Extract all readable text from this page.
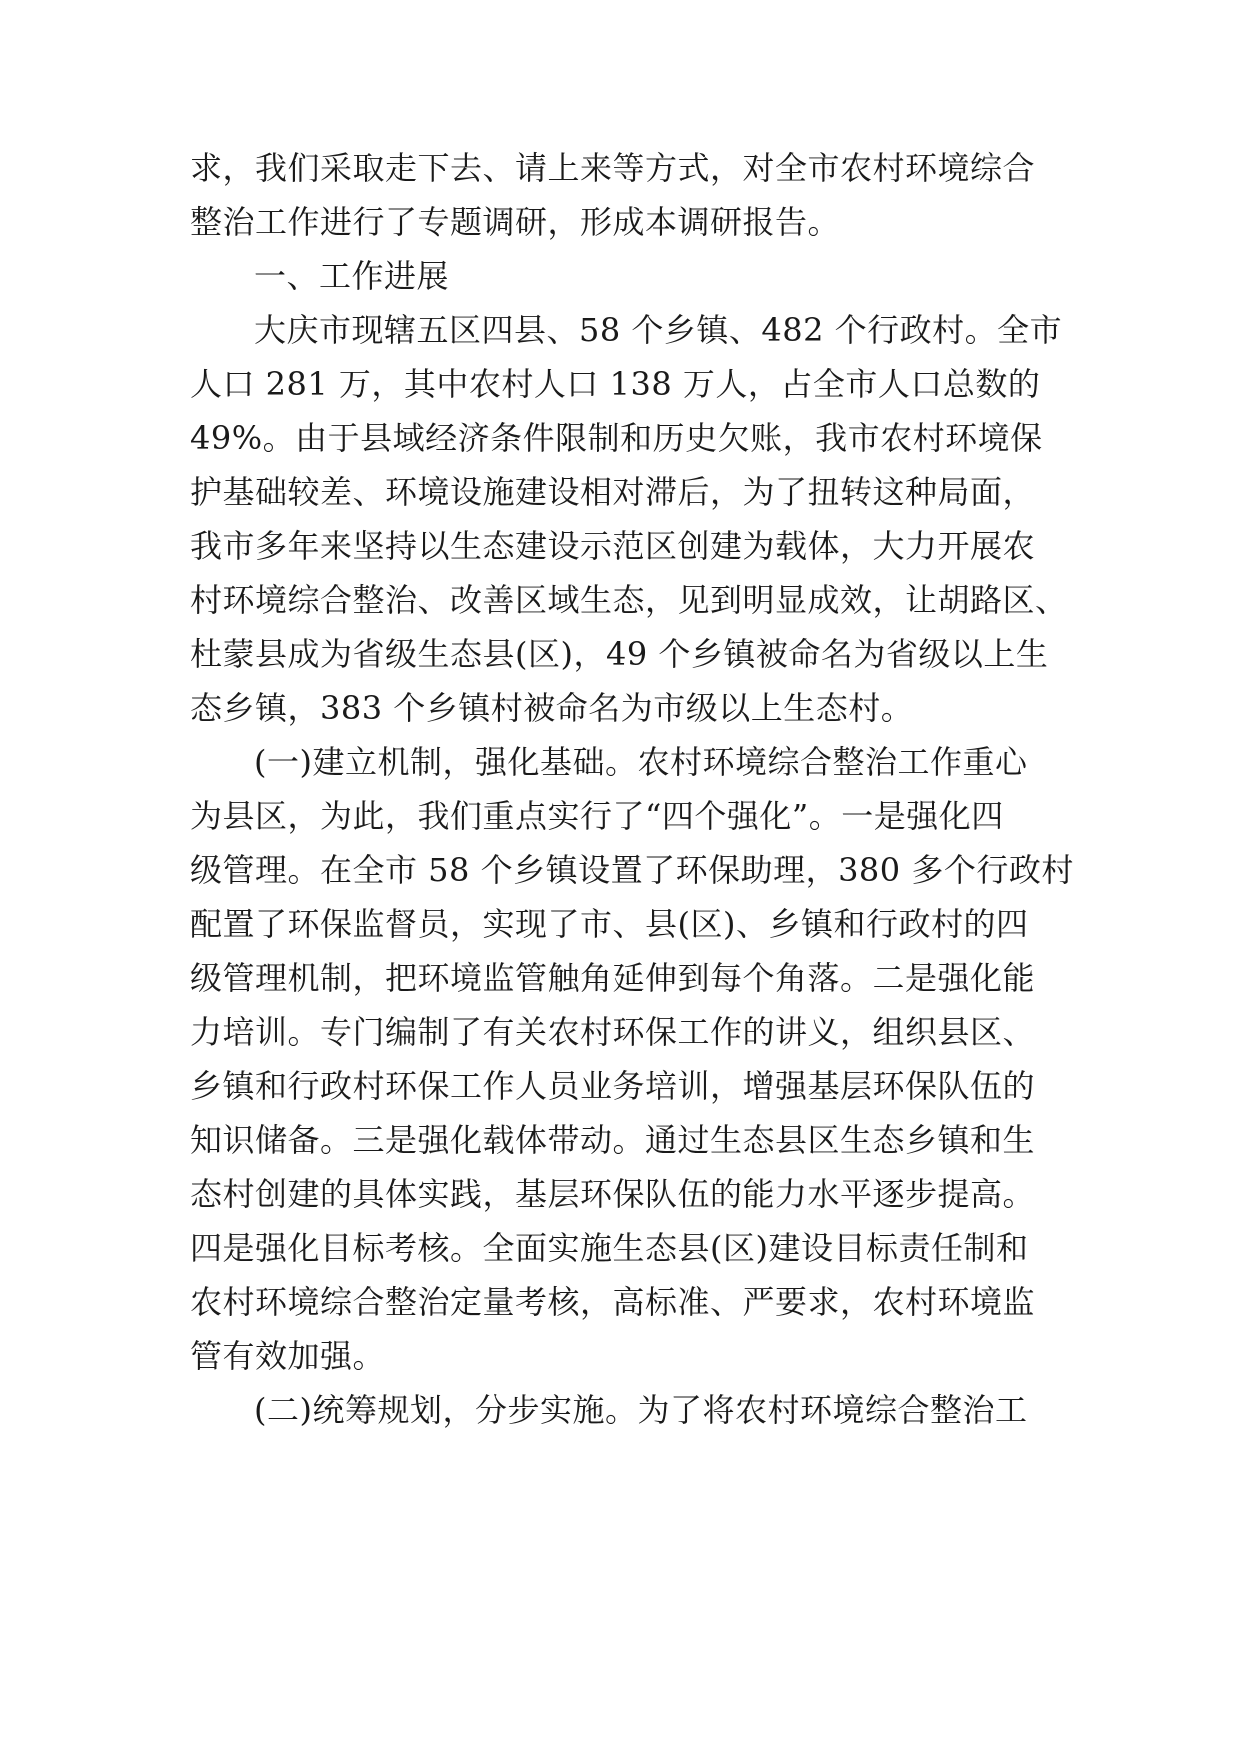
求，我们采取走下去、请上来等方式，对全市农村环境综合
整治工作进行了专题调研，形成本调研报告。
一、工作进展
大庆市现辖五区四县、58 个乡镇、482 个行政村。全市
人口 281 万，其中农村人口 138 万人，占全市人口总数的
49%。由于县域经济条件限制和历史欠账，我市农村环境保
护基础较差、环境设施建设相对滞后，为了扭转这种局面，
我市多年来坚持以生态建设示范区创建为载体，大力开展农
村环境综合整治、改善区域生态，见到明显成效，让胡路区、
杜蒙县成为省级生态县(区)，49 个乡镇被命名为省级以上生
态乡镇，383 个乡镇村被命名为市级以上生态村。
(一)建立机制，强化基础。农村环境综合整治工作重心
为县区，为此，我们重点实行了“四个强化”。一是强化四
级管理。在全市 58 个乡镇设置了环保助理，380 多个行政村
配置了环保监督员，实现了市、县(区)、乡镇和行政村的四
级管理机制，把环境监管触角延伸到每个角落。二是强化能
力培训。专门编制了有关农村环保工作的讲义，组织县区、
乡镇和行政村环保工作人员业务培训，增强基层环保队伍的
知识储备。三是强化载体带动。通过生态县区生态乡镇和生
态村创建的具体实践，基层环保队伍的能力水平逐步提高。
四是强化目标考核。全面实施生态县(区)建设目标责任制和
农村环境综合整治定量考核，高标准、严要求，农村环境监
管有效加强。
(二)统筹规划，分步实施。为了将农村环境综合整治工
